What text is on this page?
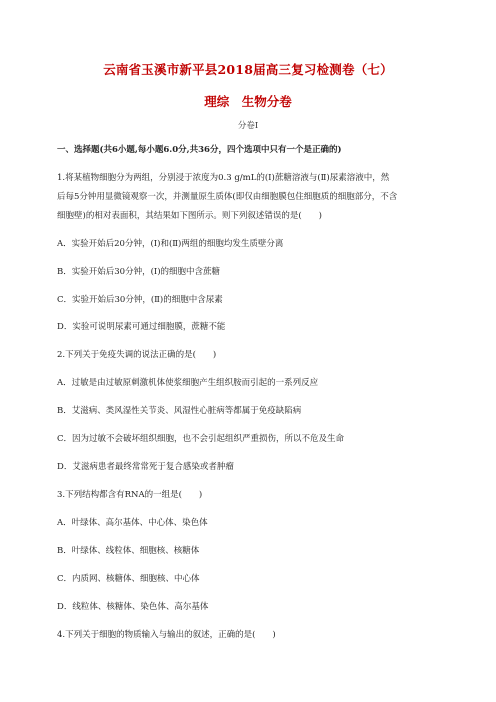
云南省玉溪市新平县2018届高三复习检测卷（七）
理综　生物分卷
分卷I
一、选择题(共6小题,每小题6.0分,共36分，四个选项中只有一个是正确的)
1.将某植物细胞分为两组，分别浸于浓度为0.3 g/mL的(Ⅰ)蔗糖溶液与(Ⅱ)尿素溶液中，然
后每5分钟用显微镜观察一次，并测量原生质体(即仅由细胞膜包住细胞质的细胞部分，不含
细胞壁)的相对表面积，其结果如下图所示。则下列叙述错误的是(　　)
A．实验开始后20分钟，(Ⅰ)和(Ⅱ)两组的细胞均发生质壁分离
B．实验开始后30分钟，(Ⅰ)的细胞中含蔗糖
C．实验开始后30分钟，(Ⅱ)的细胞中含尿素
D．实验可说明尿素可通过细胞膜，蔗糖不能
2.下列关于免疫失调的说法正确的是(　　)
A．过敏是由过敏原刺激机体使浆细胞产生组织胺而引起的一系列反应
B．艾滋病、类风湿性关节炎、风湿性心脏病等都属于免疫缺陷病
C．因为过敏不会破坏组织细胞，也不会引起组织严重损伤，所以不危及生命
D．艾滋病患者最终常常死于复合感染或者肿瘤
3.下列结构都含有RNA的一组是(　　)
A．叶绿体、高尔基体、中心体、染色体
B．叶绿体、线粒体、细胞核、核糖体
C．内质网、核糖体、细胞核、中心体
D．线粒体、核糖体、染色体、高尔基体
4.下列关于细胞的物质输入与输出的叙述，正确的是(　　)
